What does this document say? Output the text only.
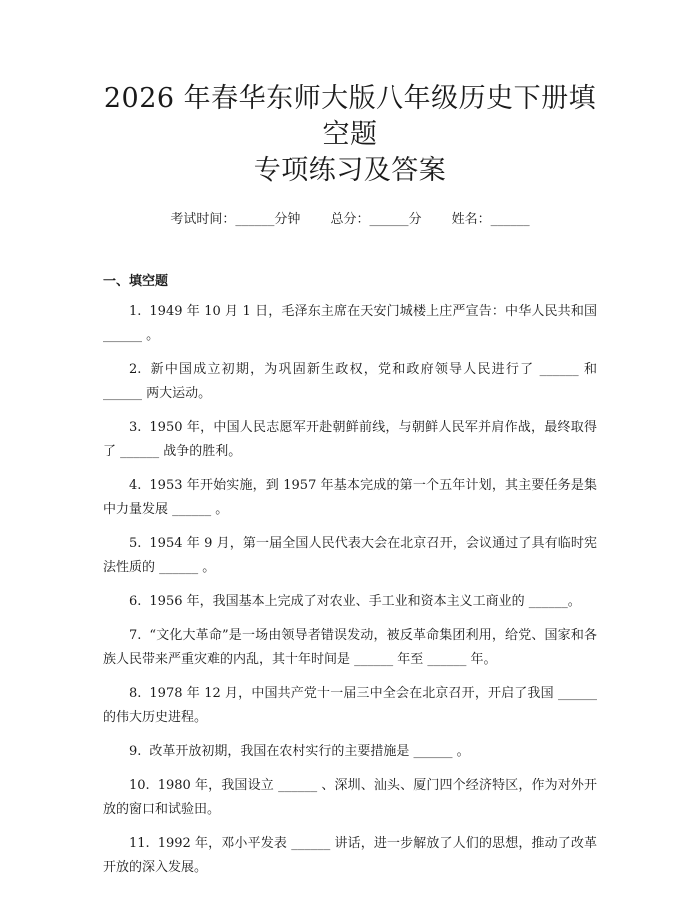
2026 年春华东师大版八年级历史下册填空题
专项练习及答案
考试时间：______分钟 总分：______分 姓名：______
一、填空题
1. 1949 年 10 月 1 日，毛泽东主席在天安门城楼上庄严宣告：中华人民共和国 ______ 。
2. 新中国成立初期，为巩固新生政权，党和政府领导人民进行了 ______ 和 ______ 两大运动。
3. 1950 年，中国人民志愿军开赴朝鲜前线，与朝鲜人民军并肩作战，最终取得了 ______ 战争的胜利。
4. 1953 年开始实施，到 1957 年基本完成的第一个五年计划，其主要任务是集中力量发展 ______ 。
5. 1954 年 9 月，第一届全国人民代表大会在北京召开，会议通过了具有临时宪法性质的 ______ 。
6. 1956 年，我国基本上完成了对农业、手工业和资本主义工商业的 ______。
7. “文化大革命”是一场由领导者错误发动，被反革命集团利用，给党、国家和各族人民带来严重灾难的内乱，其十年时间是 ______ 年至 ______ 年。
8. 1978 年 12 月，中国共产党十一届三中全会在北京召开，开启了我国 ______ 的伟大历史进程。
9. 改革开放初期，我国在农村实行的主要措施是 ______ 。
10. 1980 年，我国设立 ______ 、深圳、汕头、厦门四个经济特区，作为对外开放的窗口和试验田。
11. 1992 年，邓小平发表 ______ 讲话，进一步解放了人们的思想，推动了改革开放的深入发展。
